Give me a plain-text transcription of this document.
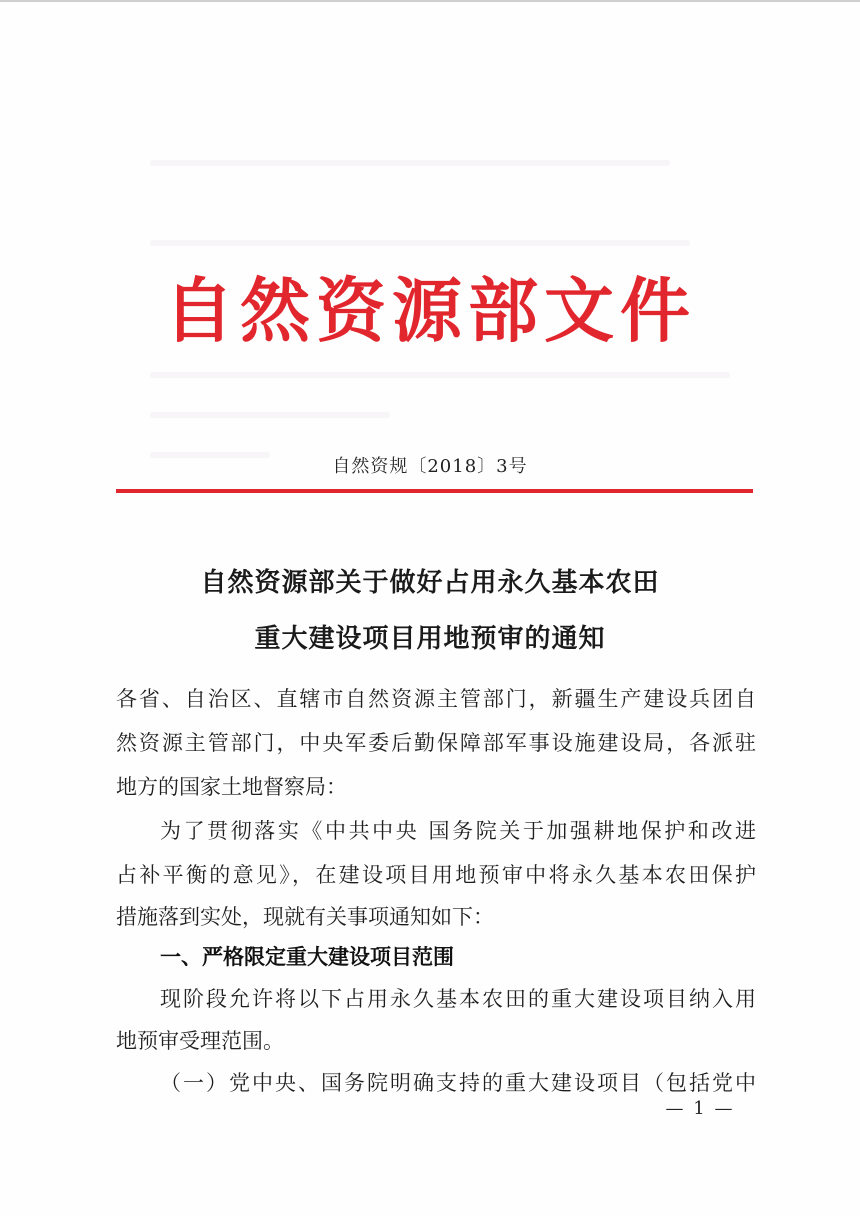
自然资源部文件
自然资规〔2018〕3号
自然资源部关于做好占用永久基本农田
重大建设项目用地预审的通知
各省、自治区、直辖市自然资源主管部门，新疆生产建设兵团自
然资源主管部门，中央军委后勤保障部军事设施建设局，各派驻
地方的国家土地督察局：
为了贯彻落实《中共中央 国务院关于加强耕地保护和改进
占补平衡的意见》，在建设项目用地预审中将永久基本农田保护
措施落到实处，现就有关事项通知如下：
一、严格限定重大建设项目范围
现阶段允许将以下占用永久基本农田的重大建设项目纳入用
地预审受理范围。
（一）党中央、国务院明确支持的重大建设项目（包括党中
— 1 —
